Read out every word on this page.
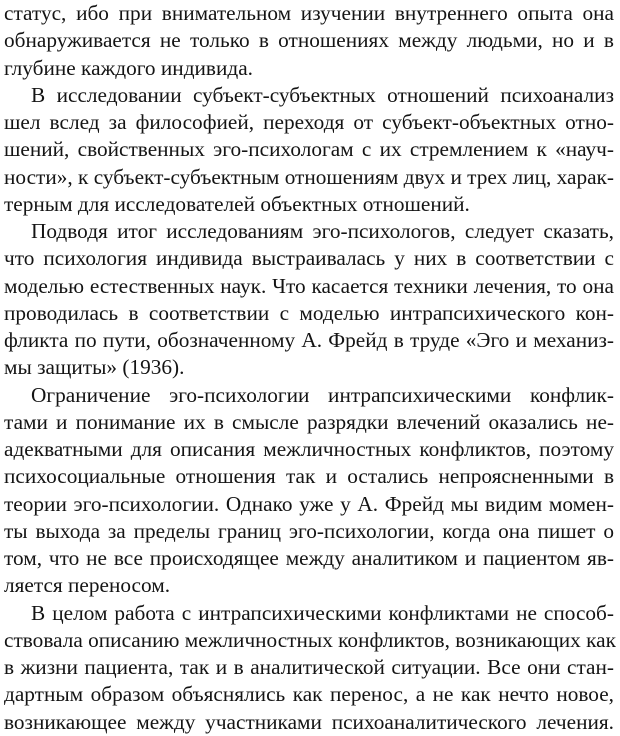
статус, ибо при внимательном изучении внутреннего опыта она
обнаруживается не только в отношениях между людьми, но и в
глубине каждого индивида.
В исследовании субъект-субъектных отношений психоанализ
шел вслед за философией, переходя от субъект-объектных отно-
шений, свойственных эго-психологам с их стремлением к «науч-
ности», к субъект-субъектным отношениям двух и трех лиц, харак-
терным для исследователей объектных отношений.
Подводя итог исследованиям эго-психологов, следует сказать,
что психология индивида выстраивалась у них в соответствии с
моделью естественных наук. Что касается техники лечения, то она
проводилась в соответствии с моделью интрапсихического кон-
фликта по пути, обозначенному А. Фрейд в труде «Эго и механиз-
мы защиты» (1936).
Ограничение эго-психологии интрапсихическими конфлик-
тами и понимание их в смысле разрядки влечений оказались не-
адекватными для описания межличностных конфликтов, поэтому
психосоциальные отношения так и остались непроясненными в
теории эго-психологии. Однако уже у А. Фрейд мы видим момен-
ты выхода за пределы границ эго-психологии, когда она пишет о
том, что не все происходящее между аналитиком и пациентом яв-
ляется переносом.
В целом работа с интрапсихическими конфликтами не способ-
ствовала описанию межличностных конфликтов, возникающих как
в жизни пациента, так и в аналитической ситуации. Все они стан-
дартным образом объяснялись как перенос, а не как нечто новое,
возникающее между участниками психоаналитического лечения.
